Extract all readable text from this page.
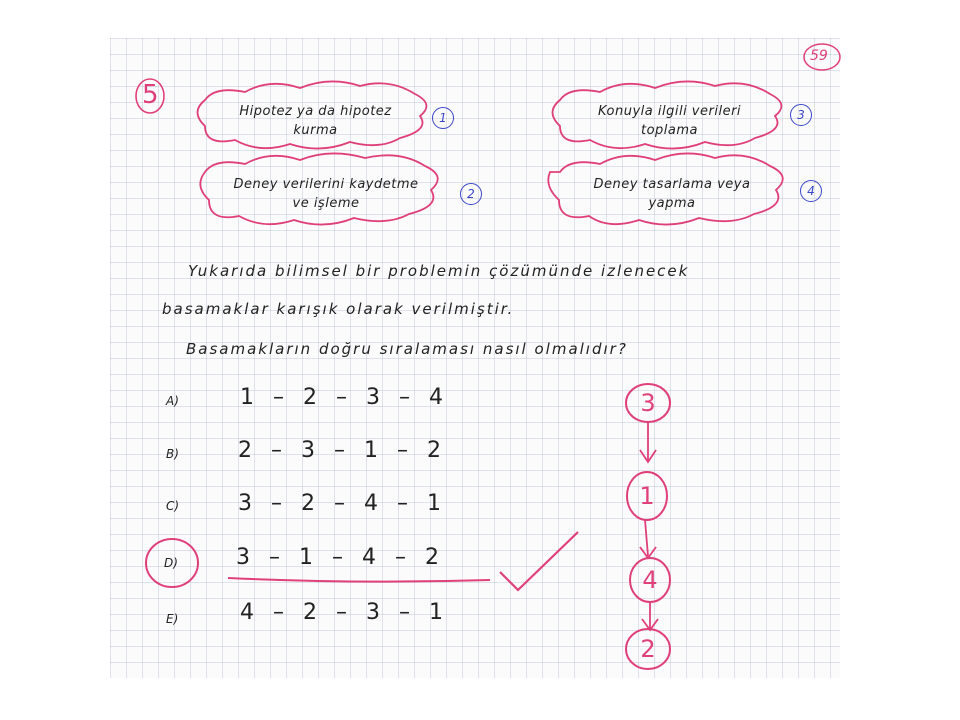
59
5
Hipotez ya da hipotez
kurma
1	Konuyla ilgili verileri
toplama
3
Deney verilerini kaydetme
ve işleme
2
Deney tasarlama veya
yapma
4
Yukarıda bilimsel bir problemin çözümünde izlenecek
basamaklar karışık olarak verilmiştir.
Basamakların doğru sıralaması nasıl olmalıdır?
A)	1 – 2 – 3 – 4
B)	2 – 3 – 1 – 2
C)	3 – 2 – 4 – 1
D)	3 – 1 – 4 – 2
E)	4 – 2 – 3 – 1
3
1
4
2
